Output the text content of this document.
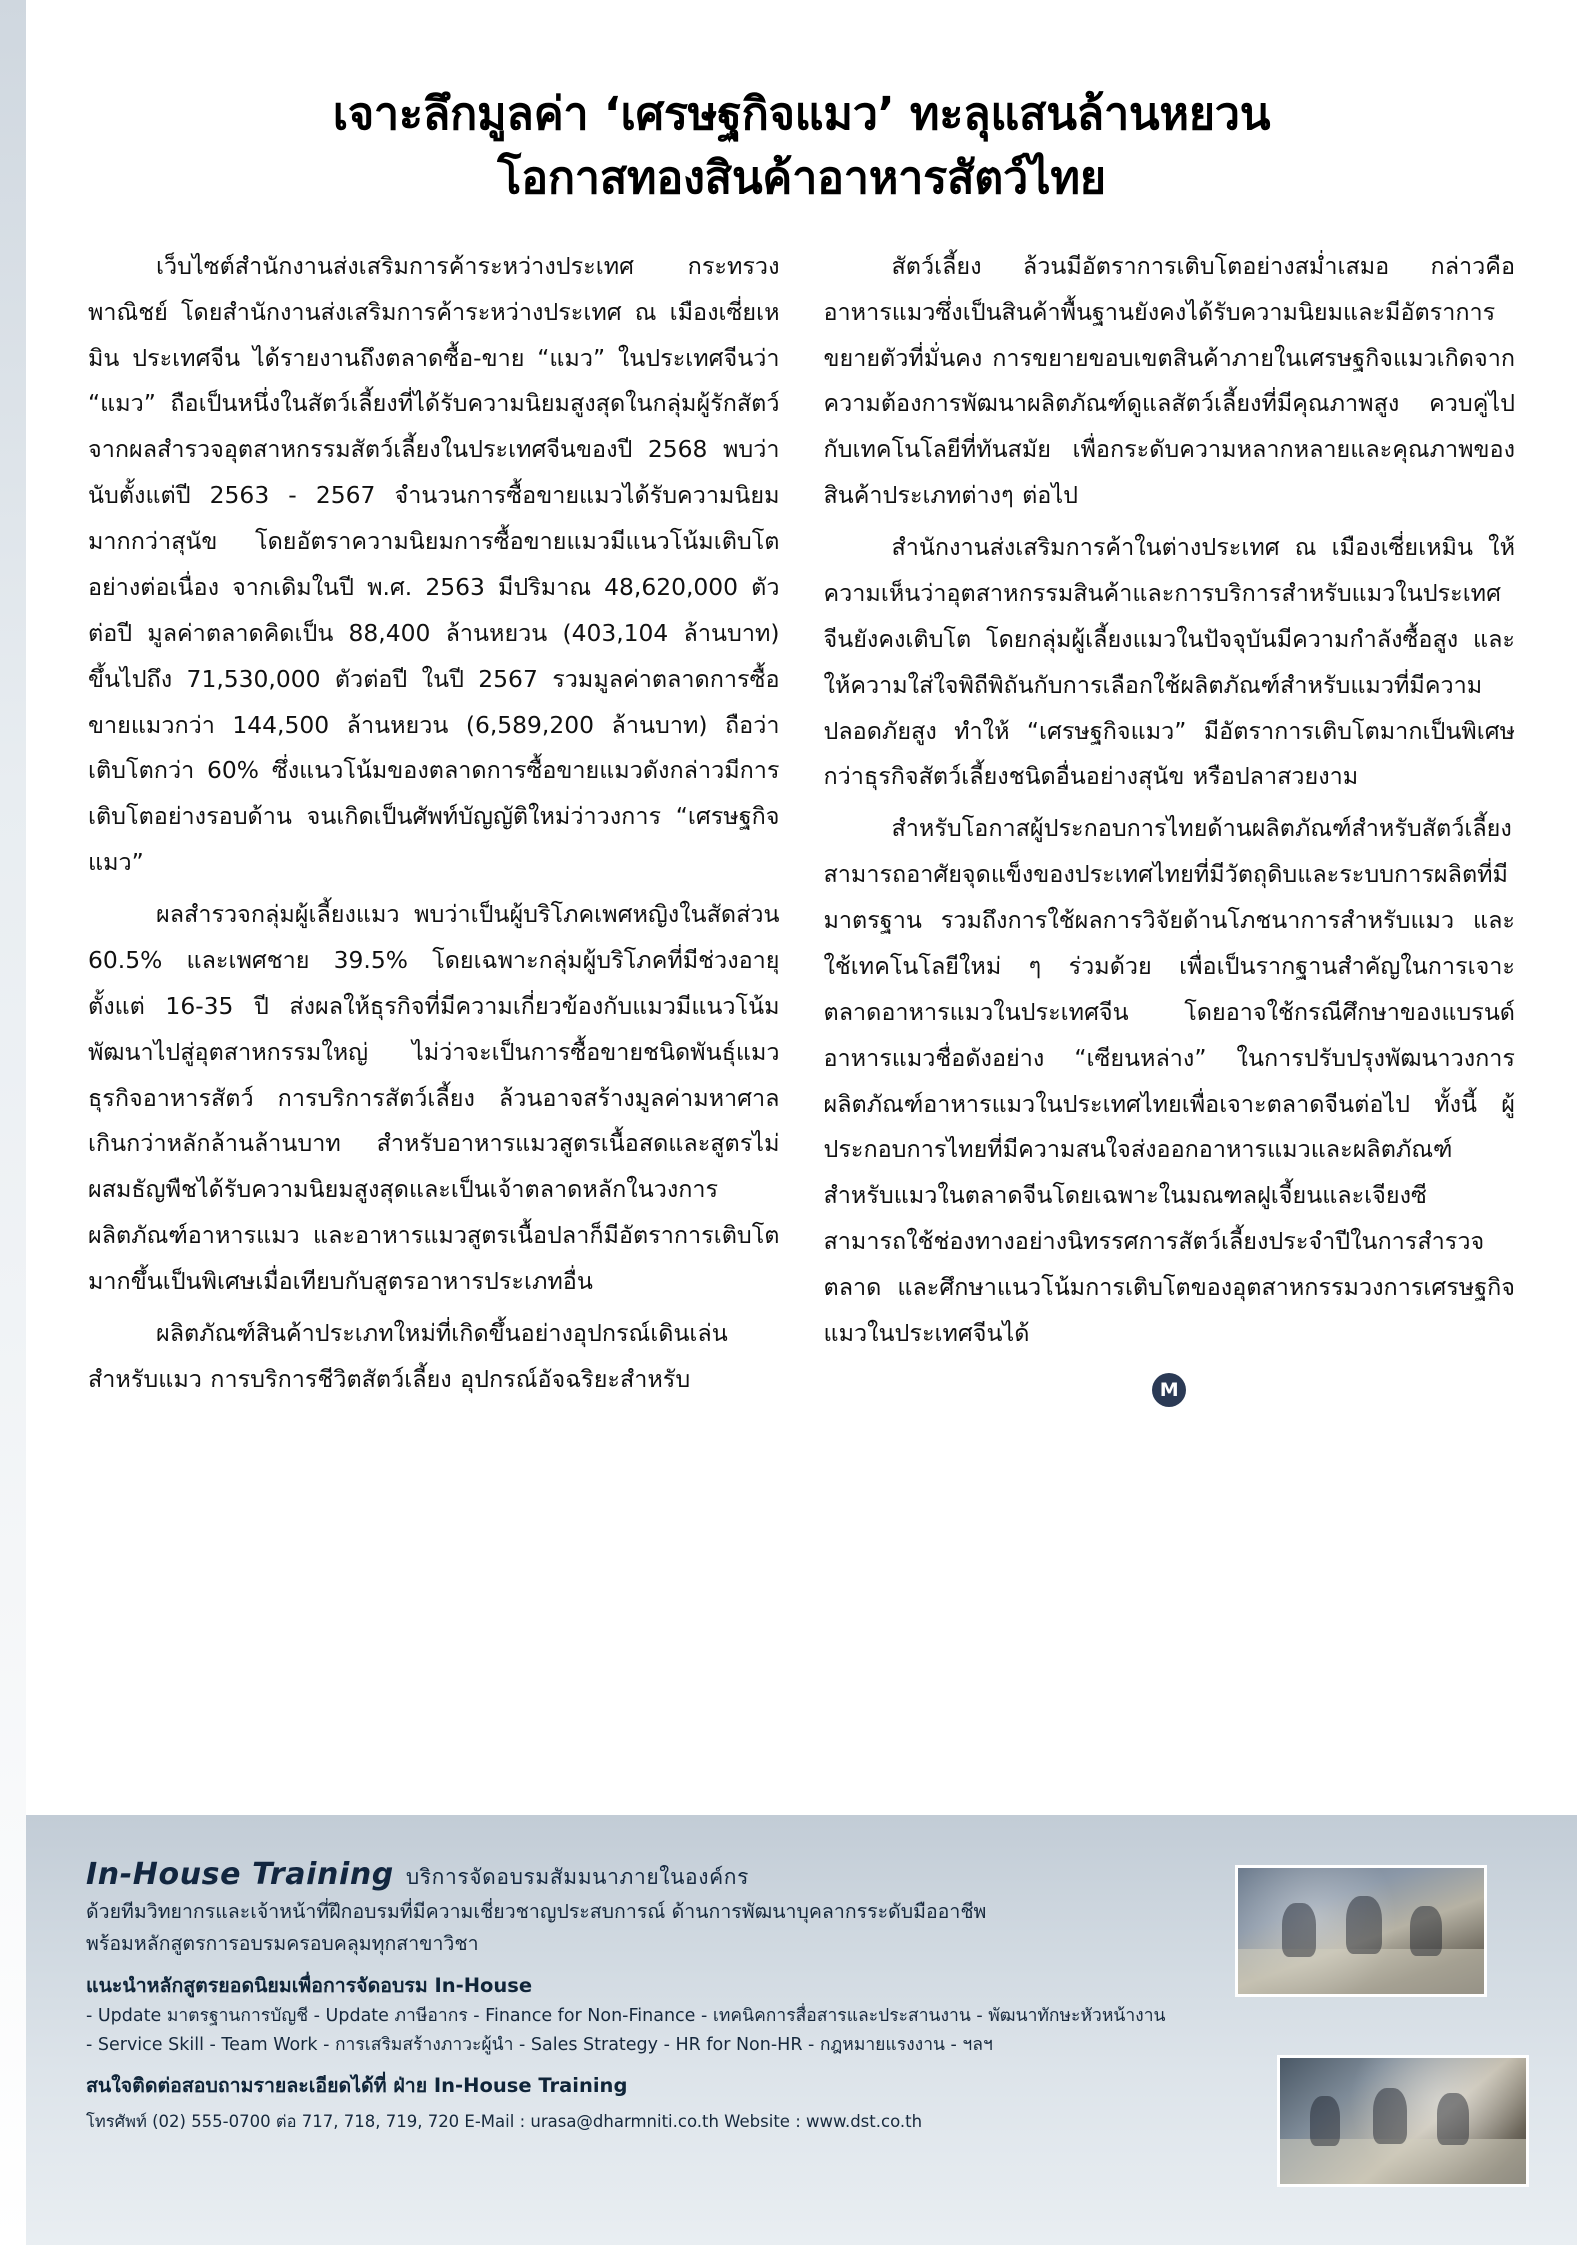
เจาะลึกมูลค่า ‘เศรษฐกิจแมว’ ทะลุแสนล้านหยวน
โอกาสทองสินค้าอาหารสัตว์ไทย

เว็บไซต์สำนักงานส่งเสริมการค้าระหว่างประเทศ กระทรวงพาณิชย์ โดยสำนักงานส่งเสริมการค้าระหว่างประเทศ ณ เมืองเซี่ยเหมิน ประเทศจีน ได้รายงานถึงตลาดซื้อ-ขาย “แมว” ในประเทศจีนว่า “แมว” ถือเป็นหนึ่งในสัตว์เลี้ยงที่ได้รับความนิยมสูงสุดในกลุ่มผู้รักสัตว์ จากผลสำรวจอุตสาหกรรมสัตว์เลี้ยงในประเทศจีนของปี 2568 พบว่านับตั้งแต่ปี 2563 - 2567 จำนวนการซื้อขายแมวได้รับความนิยมมากกว่าสุนัข โดยอัตราความนิยมการซื้อขายแมวมีแนวโน้มเติบโตอย่างต่อเนื่อง จากเดิมในปี พ.ศ. 2563 มีปริมาณ 48,620,000 ตัวต่อปี มูลค่าตลาดคิดเป็น 88,400 ล้านหยวน (403,104 ล้านบาท) ขึ้นไปถึง 71,530,000 ตัวต่อปี ในปี 2567 รวมมูลค่าตลาดการซื้อขายแมวกว่า 144,500 ล้านหยวน (6,589,200 ล้านบาท) ถือว่าเติบโตกว่า 60% ซึ่งแนวโน้มของตลาดการซื้อขายแมวดังกล่าวมีการเติบโตอย่างรอบด้าน จนเกิดเป็นศัพท์บัญญัติใหม่ว่าวงการ “เศรษฐกิจแมว”

ผลสำรวจกลุ่มผู้เลี้ยงแมว พบว่าเป็นผู้บริโภคเพศหญิงในสัดส่วน 60.5% และเพศชาย 39.5% โดยเฉพาะกลุ่มผู้บริโภคที่มีช่วงอายุตั้งแต่ 16-35 ปี ส่งผลให้ธุรกิจที่มีความเกี่ยวข้องกับแมวมีแนวโน้มพัฒนาไปสู่อุตสาหกรรมใหญ่ ไม่ว่าจะเป็นการซื้อขายชนิดพันธุ์แมว ธุรกิจอาหารสัตว์ การบริการสัตว์เลี้ยง ล้วนอาจสร้างมูลค่ามหาศาลเกินกว่าหลักล้านล้านบาท สำหรับอาหารแมวสูตรเนื้อสดและสูตรไม่ผสมธัญพืชได้รับความนิยมสูงสุดและเป็นเจ้าตลาดหลักในวงการผลิตภัณฑ์อาหารแมว และอาหารแมวสูตรเนื้อปลาก็มีอัตราการเติบโตมากขึ้นเป็นพิเศษเมื่อเทียบกับสูตรอาหารประเภทอื่น

ผลิตภัณฑ์สินค้าประเภทใหม่ที่เกิดขึ้นอย่างอุปกรณ์เดินเล่นสำหรับแมว การบริการชีวิตสัตว์เลี้ยง อุปกรณ์อัจฉริยะสำหรับ

สัตว์เลี้ยง ล้วนมีอัตราการเติบโตอย่างสม่ำเสมอ กล่าวคือ อาหารแมวซึ่งเป็นสินค้าพื้นฐานยังคงได้รับความนิยมและมีอัตราการขยายตัวที่มั่นคง การขยายขอบเขตสินค้าภายในเศรษฐกิจแมวเกิดจากความต้องการพัฒนาผลิตภัณฑ์ดูแลสัตว์เลี้ยงที่มีคุณภาพสูง ควบคู่ไปกับเทคโนโลยีที่ทันสมัย เพื่อกระดับความหลากหลายและคุณภาพของสินค้าประเภทต่างๆ ต่อไป

สำนักงานส่งเสริมการค้าในต่างประเทศ ณ เมืองเซี่ยเหมิน ให้ความเห็นว่าอุตสาหกรรมสินค้าและการบริการสำหรับแมวในประเทศจีนยังคงเติบโต โดยกลุ่มผู้เลี้ยงแมวในปัจจุบันมีความกำลังซื้อสูง และให้ความใส่ใจพิถีพิถันกับการเลือกใช้ผลิตภัณฑ์สำหรับแมวที่มีความปลอดภัยสูง ทำให้ “เศรษฐกิจแมว” มีอัตราการเติบโตมากเป็นพิเศษกว่าธุรกิจสัตว์เลี้ยงชนิดอื่นอย่างสุนัข หรือปลาสวยงาม

สำหรับโอกาสผู้ประกอบการไทยด้านผลิตภัณฑ์สำหรับสัตว์เลี้ยง สามารถอาศัยจุดแข็งของประเทศไทยที่มีวัตถุดิบและระบบการผลิตที่มีมาตรฐาน รวมถึงการใช้ผลการวิจัยด้านโภชนาการสำหรับแมว และใช้เทคโนโลยีใหม่ ๆ ร่วมด้วย เพื่อเป็นรากฐานสำคัญในการเจาะตลาดอาหารแมวในประเทศจีน โดยอาจใช้กรณีศึกษาของแบรนด์อาหารแมวชื่อดังอย่าง “เซียนหล่าง” ในการปรับปรุงพัฒนาวงการผลิตภัณฑ์อาหารแมวในประเทศไทยเพื่อเจาะตลาดจีนต่อไป ทั้งนี้ ผู้ประกอบการไทยที่มีความสนใจส่งออกอาหารแมวและผลิตภัณฑ์สำหรับแมวในตลาดจีนโดยเฉพาะในมณฑลฝูเจี้ยนและเจียงซี สามารถใช้ช่องทางอย่างนิทรรศการสัตว์เลี้ยงประจำปีในการสำรวจตลาด และศึกษาแนวโน้มการเติบโตของอุตสาหกรรมวงการเศรษฐกิจแมวในประเทศจีนได้

M
In-House Training บริการจัดอบรมสัมมนาภายในองค์กร

ด้วยทีมวิทยากรและเจ้าหน้าที่ฝึกอบรมที่มีความเชี่ยวชาญประสบการณ์ ด้านการพัฒนาบุคลากรระดับมืออาชีพ

พร้อมหลักสูตรการอบรมครอบคลุมทุกสาขาวิชา

แนะนำหลักสูตรยอดนิยมเพื่อการจัดอบรม In-House

- Update มาตรฐานการบัญชี - Update ภาษีอากร - Finance for Non-Finance - เทคนิคการสื่อสารและประสานงาน - พัฒนาทักษะหัวหน้างาน

- Service Skill - Team Work - การเสริมสร้างภาวะผู้นำ - Sales Strategy - HR for Non-HR - กฎหมายแรงงาน - ฯลฯ

สนใจติดต่อสอบถามรายละเอียดได้ที่ ฝ่าย In-House Training

โทรศัพท์ (02) 555-0700 ต่อ 717, 718, 719, 720 E-Mail : urasa@dharmniti.co.th Website : www.dst.co.th
